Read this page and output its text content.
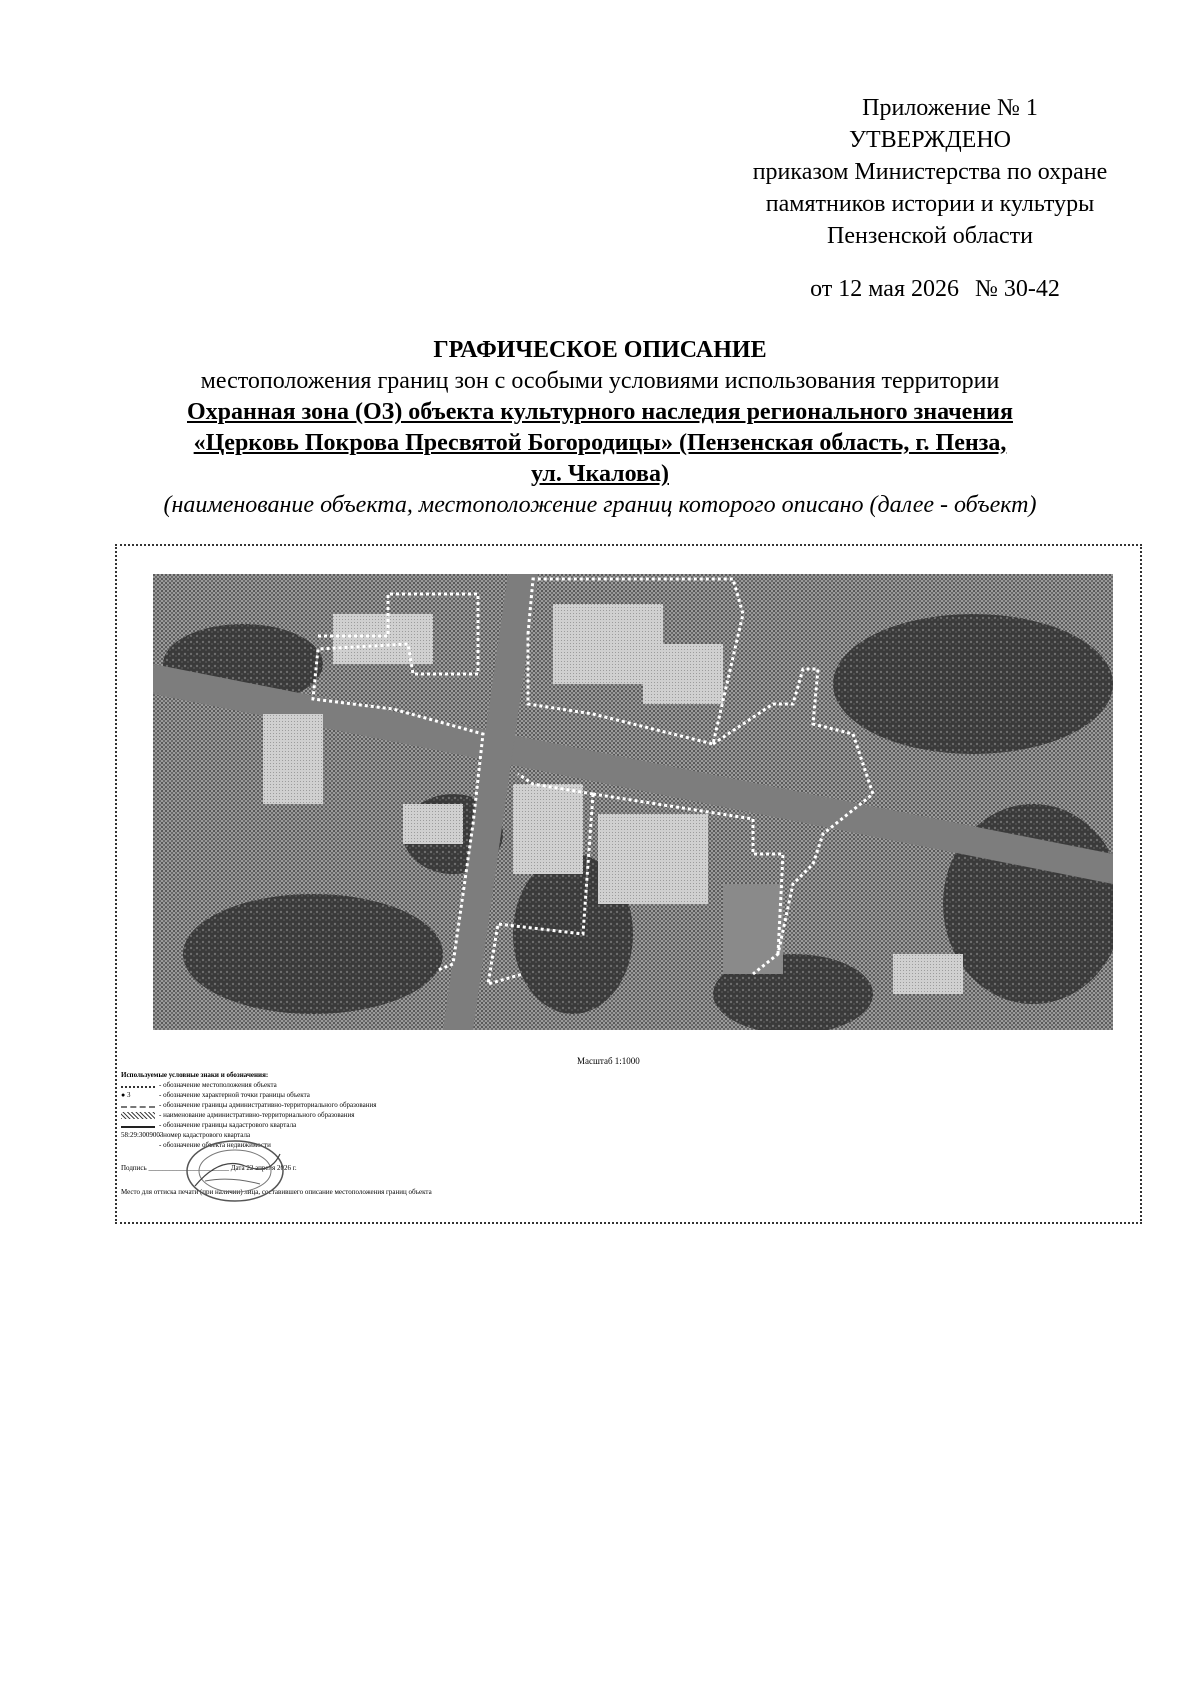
Приложение № 1
УТВЕРЖДЕНО
приказом Министерства по охране
памятников истории и культуры
Пензенской области
от 12 мая 2026 № 30-42
ГРАФИЧЕСКОЕ ОПИСАНИЕ
местоположения границ зон с особыми условиями использования территории
Охранная зона (ОЗ) объекта культурного наследия регионального значения
«Церковь Покрова Пресвятой Богородицы» (Пензенская область, г. Пенза,
ул. Чкалова)
(наименование объекта, местоположение границ которого описано (далее - объект)
Масштаб 1:1000
Используемые условные знаки и обозначения:
- обозначение местоположения объекта
● 3	- обозначение характерной точки границы объекта
- обозначение границы административно-территориального образования
- наименование административно-территориального образования
- обозначение границы кадастрового квартала
58:29:3009003
- номер кадастрового квартала
- обозначение объекта недвижимости
Подпись _______________________ Дата 22 апреля 2026 г.
Место для оттиска печати (при наличии) лица, составившего описание местоположения границ объекта
